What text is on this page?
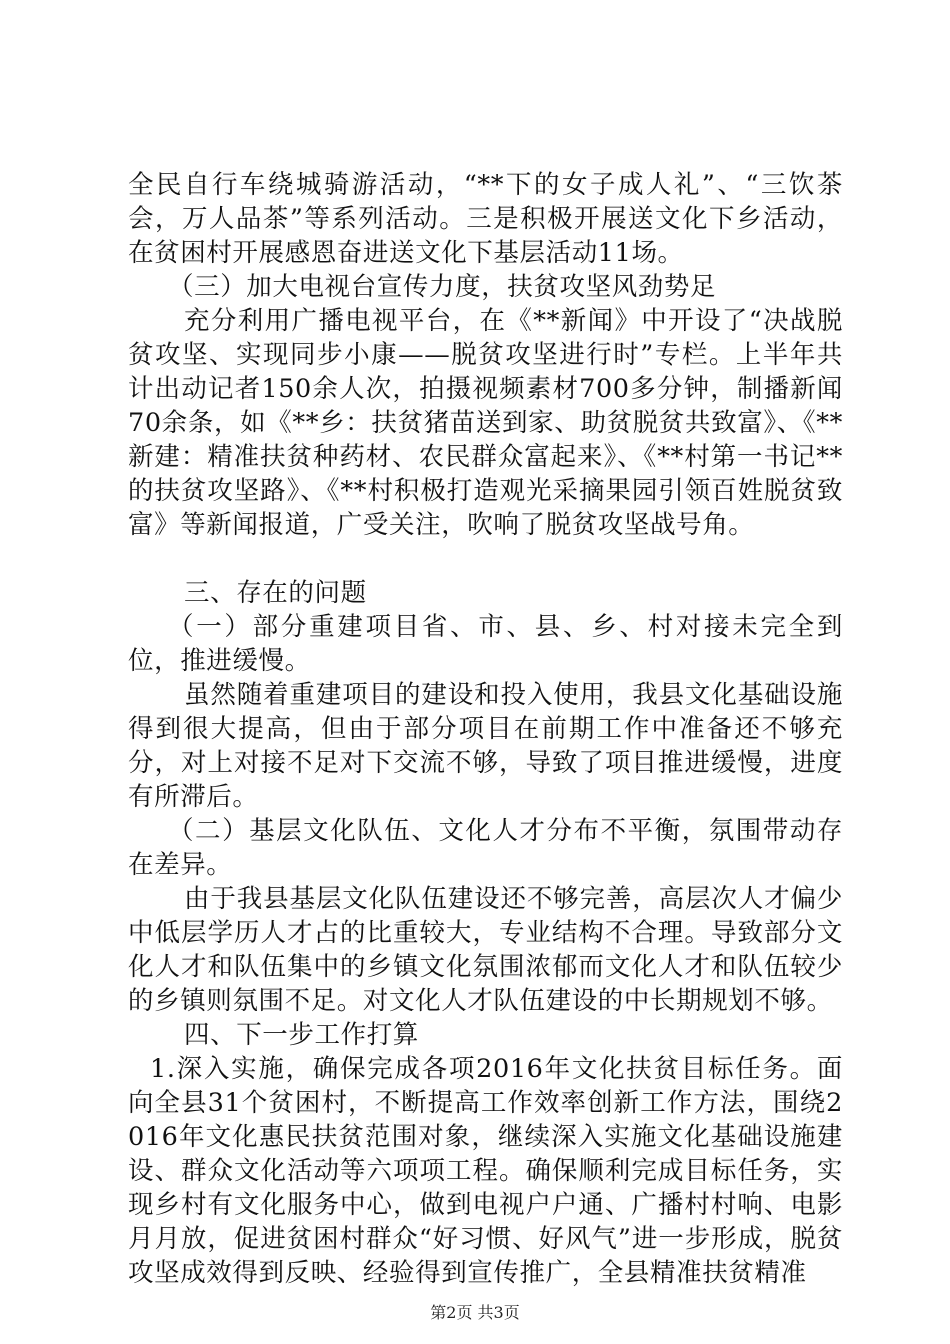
全民自行车绕城骑游活动，“**下的女子成人礼”、“三饮茶会，万人品茶”等系列活动。三是积极开展送文化下乡活动，在贫困村开展感恩奋进送文化下基层活动11场。

（三）加大电视台宣传力度，扶贫攻坚风劲势足

充分利用广播电视平台，在《**新闻》中开设了“决战脱贫攻坚、实现同步小康——脱贫攻坚进行时”专栏。上半年共计出动记者150余人次，拍摄视频素材700多分钟，制播新闻70余条，如《**乡：扶贫猪苗送到家、助贫脱贫共致富》、《**新建：精准扶贫种药材、农民群众富起来》、《**村第一书记**的扶贫攻坚路》、《**村积极打造观光采摘果园引领百姓脱贫致富》等新闻报道，广受关注，吹响了脱贫攻坚战号角。

三、存在的问题

（一）部分重建项目省、市、县、乡、村对接未完全到位，推进缓慢。

虽然随着重建项目的建设和投入使用，我县文化基础设施得到很大提高，但由于部分项目在前期工作中准备还不够充分，对上对接不足对下交流不够，导致了项目推进缓慢，进度有所滞后。

（二）基层文化队伍、文化人才分布不平衡，氛围带动存在差异。

由于我县基层文化队伍建设还不够完善，高层次人才偏少中低层学历人才占的比重较大，专业结构不合理。导致部分文化人才和队伍集中的乡镇文化氛围浓郁而文化人才和队伍较少的乡镇则氛围不足。对文化人才队伍建设的中长期规划不够。

四、下一步工作打算

1.深入实施，确保完成各项2016年文化扶贫目标任务。面向全县31个贫困村，不断提高工作效率创新工作方法，围绕2016年文化惠民扶贫范围对象，继续深入实施文化基础设施建设、群众文化活动等六项项工程。确保顺利完成目标任务，实现乡村有文化服务中心，做到电视户户通、广播村村响、电影月月放，促进贫困村群众“好习惯、好风气”进一步形成，脱贫攻坚成效得到反映、经验得到宣传推广，全县精准扶贫精准

第2页 共3页
